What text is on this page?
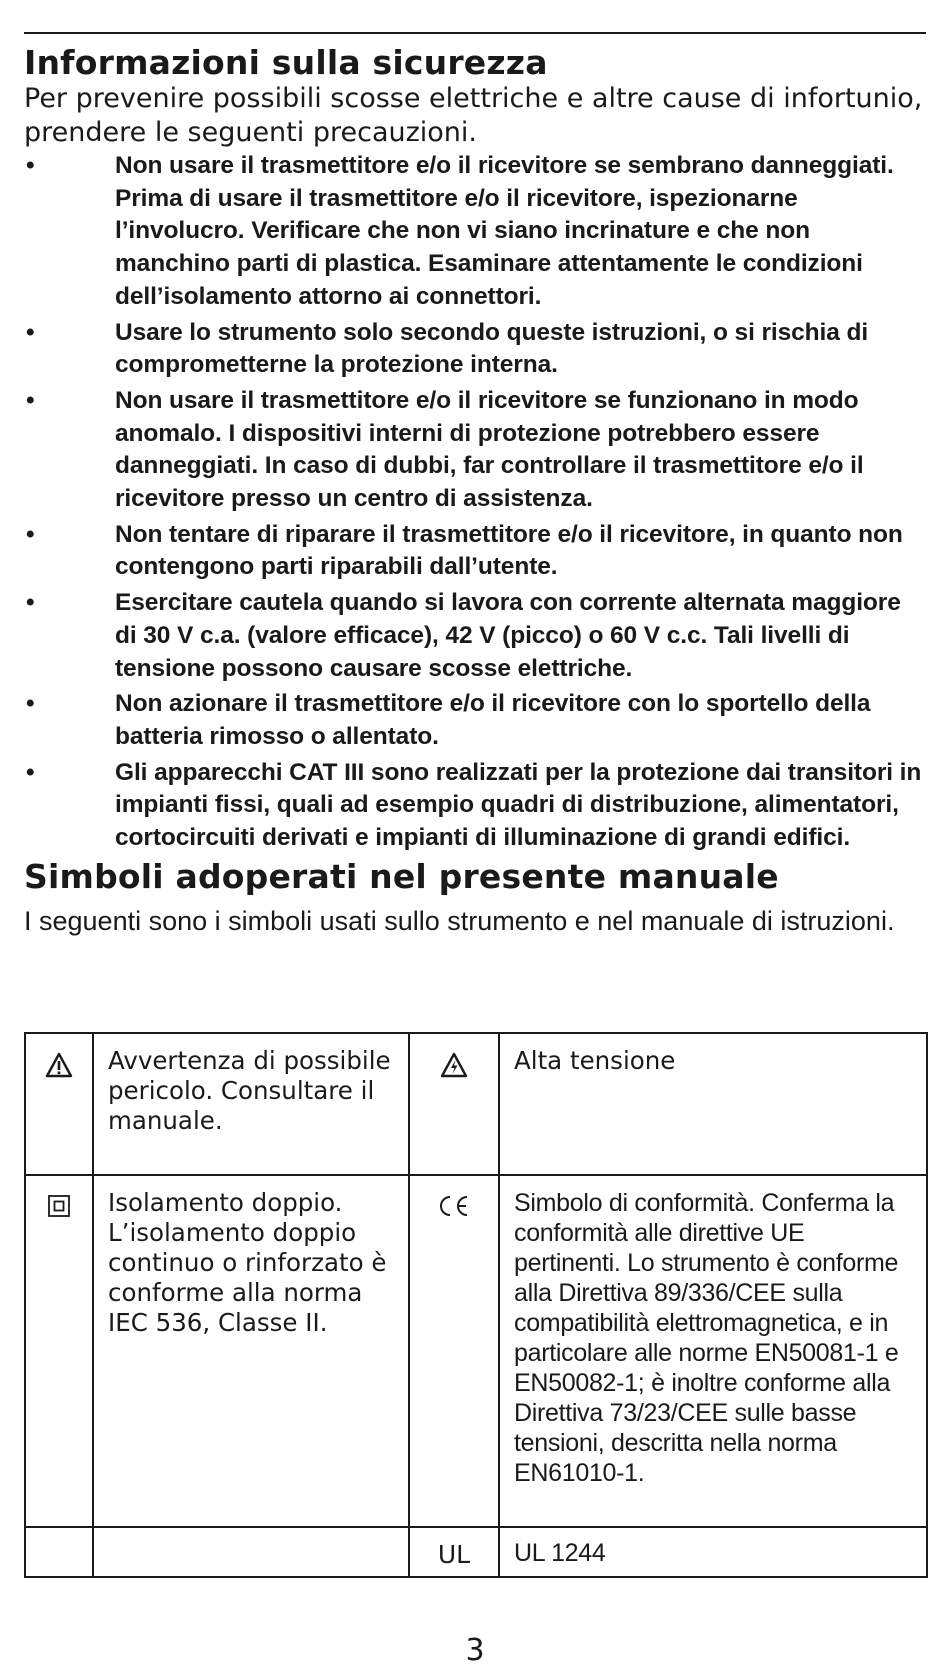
Informazioni sulla sicurezza

Per prevenire possibili scosse elettriche e altre cause di infortunio, prendere le seguenti precauzioni.

•	Non usare il trasmettitore e/o il ricevitore se sembrano danneggiati. Prima di usare il trasmettitore e/o il ricevitore, ispezionarne l’involucro. Verificare che non vi siano incrinature e che non manchino parti di plastica. Esaminare attentamente le condizioni dell’isolamento attorno ai connettori.
•	Usare lo strumento solo secondo queste istruzioni, o si rischia di comprometterne la protezione interna.
•	Non usare il trasmettitore e/o il ricevitore se funzionano in modo anomalo. I dispositivi interni di protezione potrebbero essere danneggiati. In caso di dubbi, far controllare il trasmettitore e/o il ricevitore presso un centro di assistenza.
•	Non tentare di riparare il trasmettitore e/o il ricevitore, in quanto non contengono parti riparabili dall’utente.
•	Esercitare cautela quando si lavora con corrente alternata maggiore di 30 V c.a. (valore efficace), 42 V (picco) o 60 V c.c. Tali livelli di tensione possono causare scosse elettriche.
•	Non azionare il trasmettitore e/o il ricevitore con lo sportello della batteria rimosso o allentato.
•	Gli apparecchi CAT III sono realizzati per la protezione dai transitori in impianti fissi, quali ad esempio quadri di distribuzione, alimentatori, cortocircuiti derivati e impianti di illuminazione di grandi edifici.
Simboli adoperati nel presente manuale

I seguenti sono i simboli usati sullo strumento e nel manuale di istruzioni.

	Avvertenza di possibile pericolo. Consultare il manuale.		Alta tensione
	Isolamento doppio. L’isolamento doppio continuo o rinforzato è conforme alla norma IEC 536, Classe II.		Simbolo di conformità. Conferma la conformità alle direttive UE pertinenti. Lo strumento è conforme alla Direttiva 89/336/CEE sulla compatibilità elettromagnetica, e in particolare alle norme EN50081-1 e EN50082-1; è inoltre conforme alla Direttiva 73/23/CEE sulle basse tensioni, descritta nella norma EN61010-1.
		UL	UL 1244
3
